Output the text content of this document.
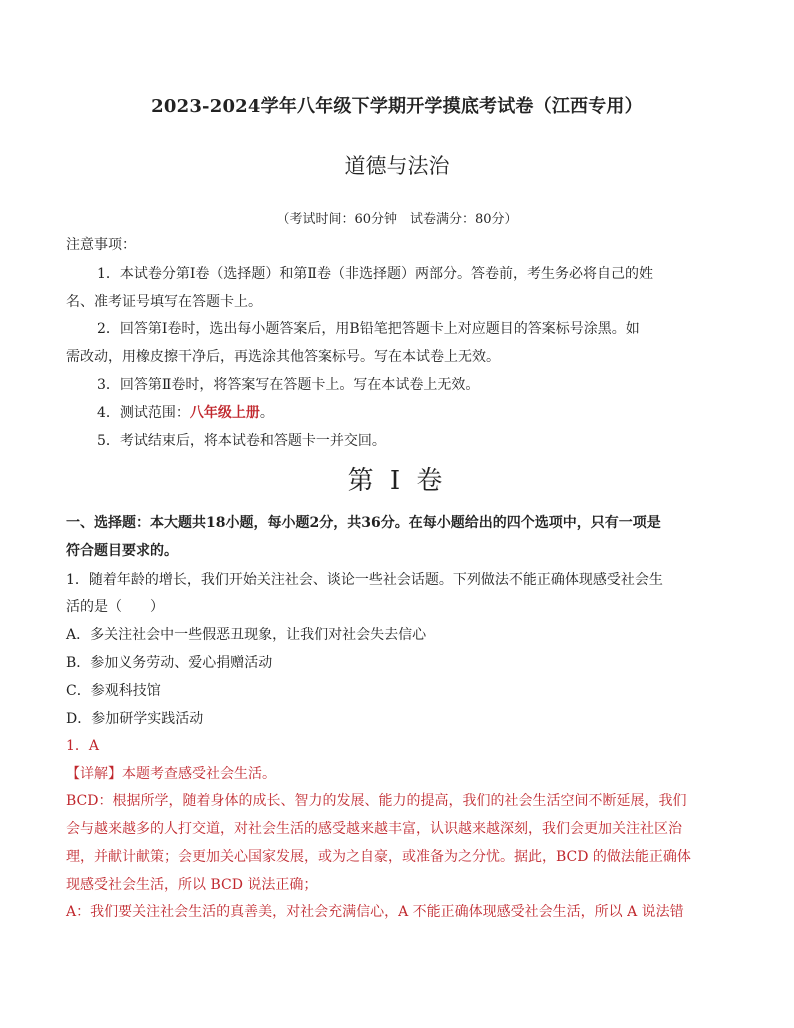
2023-2024学年八年级下学期开学摸底考试卷（江西专用）
道德与法治
（考试时间：60分钟　试卷满分：80分）
注意事项：
1．本试卷分第Ⅰ卷（选择题）和第Ⅱ卷（非选择题）两部分。答卷前，考生务必将自己的姓
名、准考证号填写在答题卡上。
2．回答第Ⅰ卷时，选出每小题答案后，用B铅笔把答题卡上对应题目的答案标号涂黑。如
需改动，用橡皮擦干净后，再选涂其他答案标号。写在本试卷上无效。
3．回答第Ⅱ卷时，将答案写在答题卡上。写在本试卷上无效。
4．测试范围：八年级上册。
5．考试结束后，将本试卷和答题卡一并交回。
第 I 卷
一、选择题：本大题共18小题，每小题2分，共36分。在每小题给出的四个选项中，只有一项是
符合题目要求的。
1．随着年龄的增长，我们开始关注社会、谈论一些社会话题。下列做法不能正确体现感受社会生
活的是（　　）
A．多关注社会中一些假恶丑现象，让我们对社会失去信心
B．参加义务劳动、爱心捐赠活动
C．参观科技馆
D．参加研学实践活动
1．A
【详解】本题考查感受社会生活。
BCD：根据所学，随着身体的成长、智力的发展、能力的提高，我们的社会生活空间不断延展，我们
会与越来越多的人打交道，对社会生活的感受越来越丰富，认识越来越深刻，我们会更加关注社区治
理，并献计献策；会更加关心国家发展，或为之自豪，或准备为之分忧。据此，BCD 的做法能正确体
现感受社会生活，所以 BCD 说法正确；
A：我们要关注社会生活的真善美，对社会充满信心，A 不能正确体现感受社会生活，所以 A 说法错
